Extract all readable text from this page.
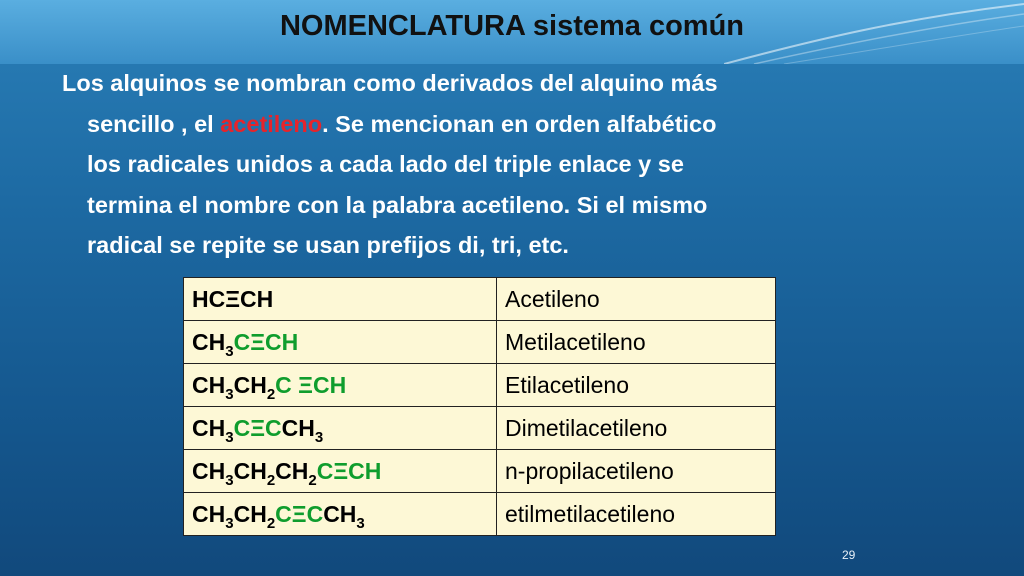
NOMENCLATURA sistema común
Los alquinos se nombran como derivados del alquino más
sencillo , el acetileno. Se mencionan en orden alfabético
los radicales unidos a cada lado del triple enlace y se
termina el nombre con la palabra acetileno. Si el mismo
radical se repite se usan prefijos di, tri, etc.
HCΞCH	Acetileno
$CH_3C\Xi CH$	Metilacetileno
$CH_3CH_2C$ ΞCH	Etilacetileno
$CH_3C\Xi CCH_3$	Dimetilacetileno
$CH_3CH_2CH_2C\Xi CH$	n-propilacetileno
$CH_3CH_2C\Xi CCH_3$	etilmetilacetileno
29
